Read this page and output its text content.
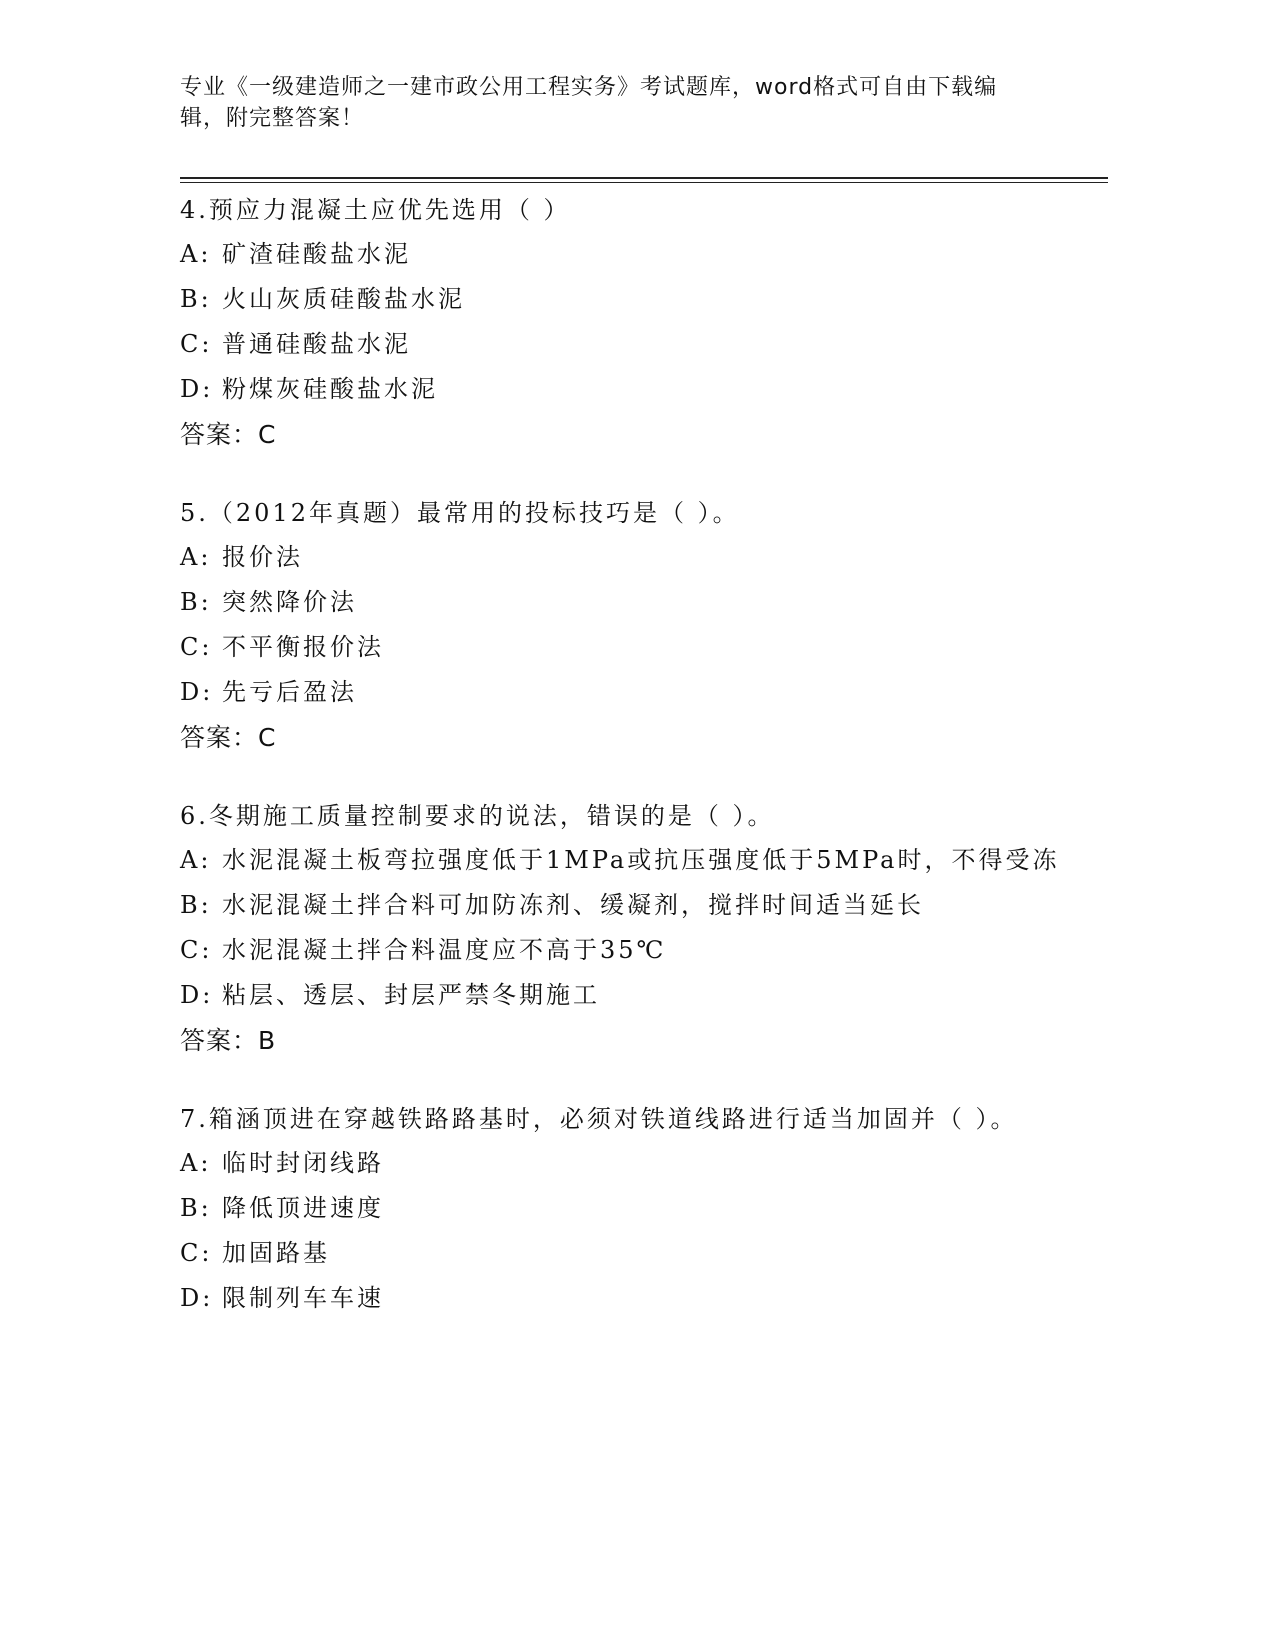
专业《一级建造师之一建市政公用工程实务》考试题库，word格式可自由下载编辑，附完整答案！
4.预应力混凝土应优先选用（ ）
A: 矿渣硅酸盐水泥
B: 火山灰质硅酸盐水泥
C: 普通硅酸盐水泥
D: 粉煤灰硅酸盐水泥
答案：C
5.（2012年真题）最常用的投标技巧是（ ）。
A: 报价法
B: 突然降价法
C: 不平衡报价法
D: 先亏后盈法
答案：C
6.冬期施工质量控制要求的说法，错误的是（ ）。
A: 水泥混凝土板弯拉强度低于1MPa或抗压强度低于5MPa时，不得受冻
B: 水泥混凝土拌合料可加防冻剂、缓凝剂，搅拌时间适当延长
C: 水泥混凝土拌合料温度应不高于35℃
D: 粘层、透层、封层严禁冬期施工
答案：B
7.箱涵顶进在穿越铁路路基时，必须对铁道线路进行适当加固并（ ）。
A: 临时封闭线路
B: 降低顶进速度
C: 加固路基
D: 限制列车车速
